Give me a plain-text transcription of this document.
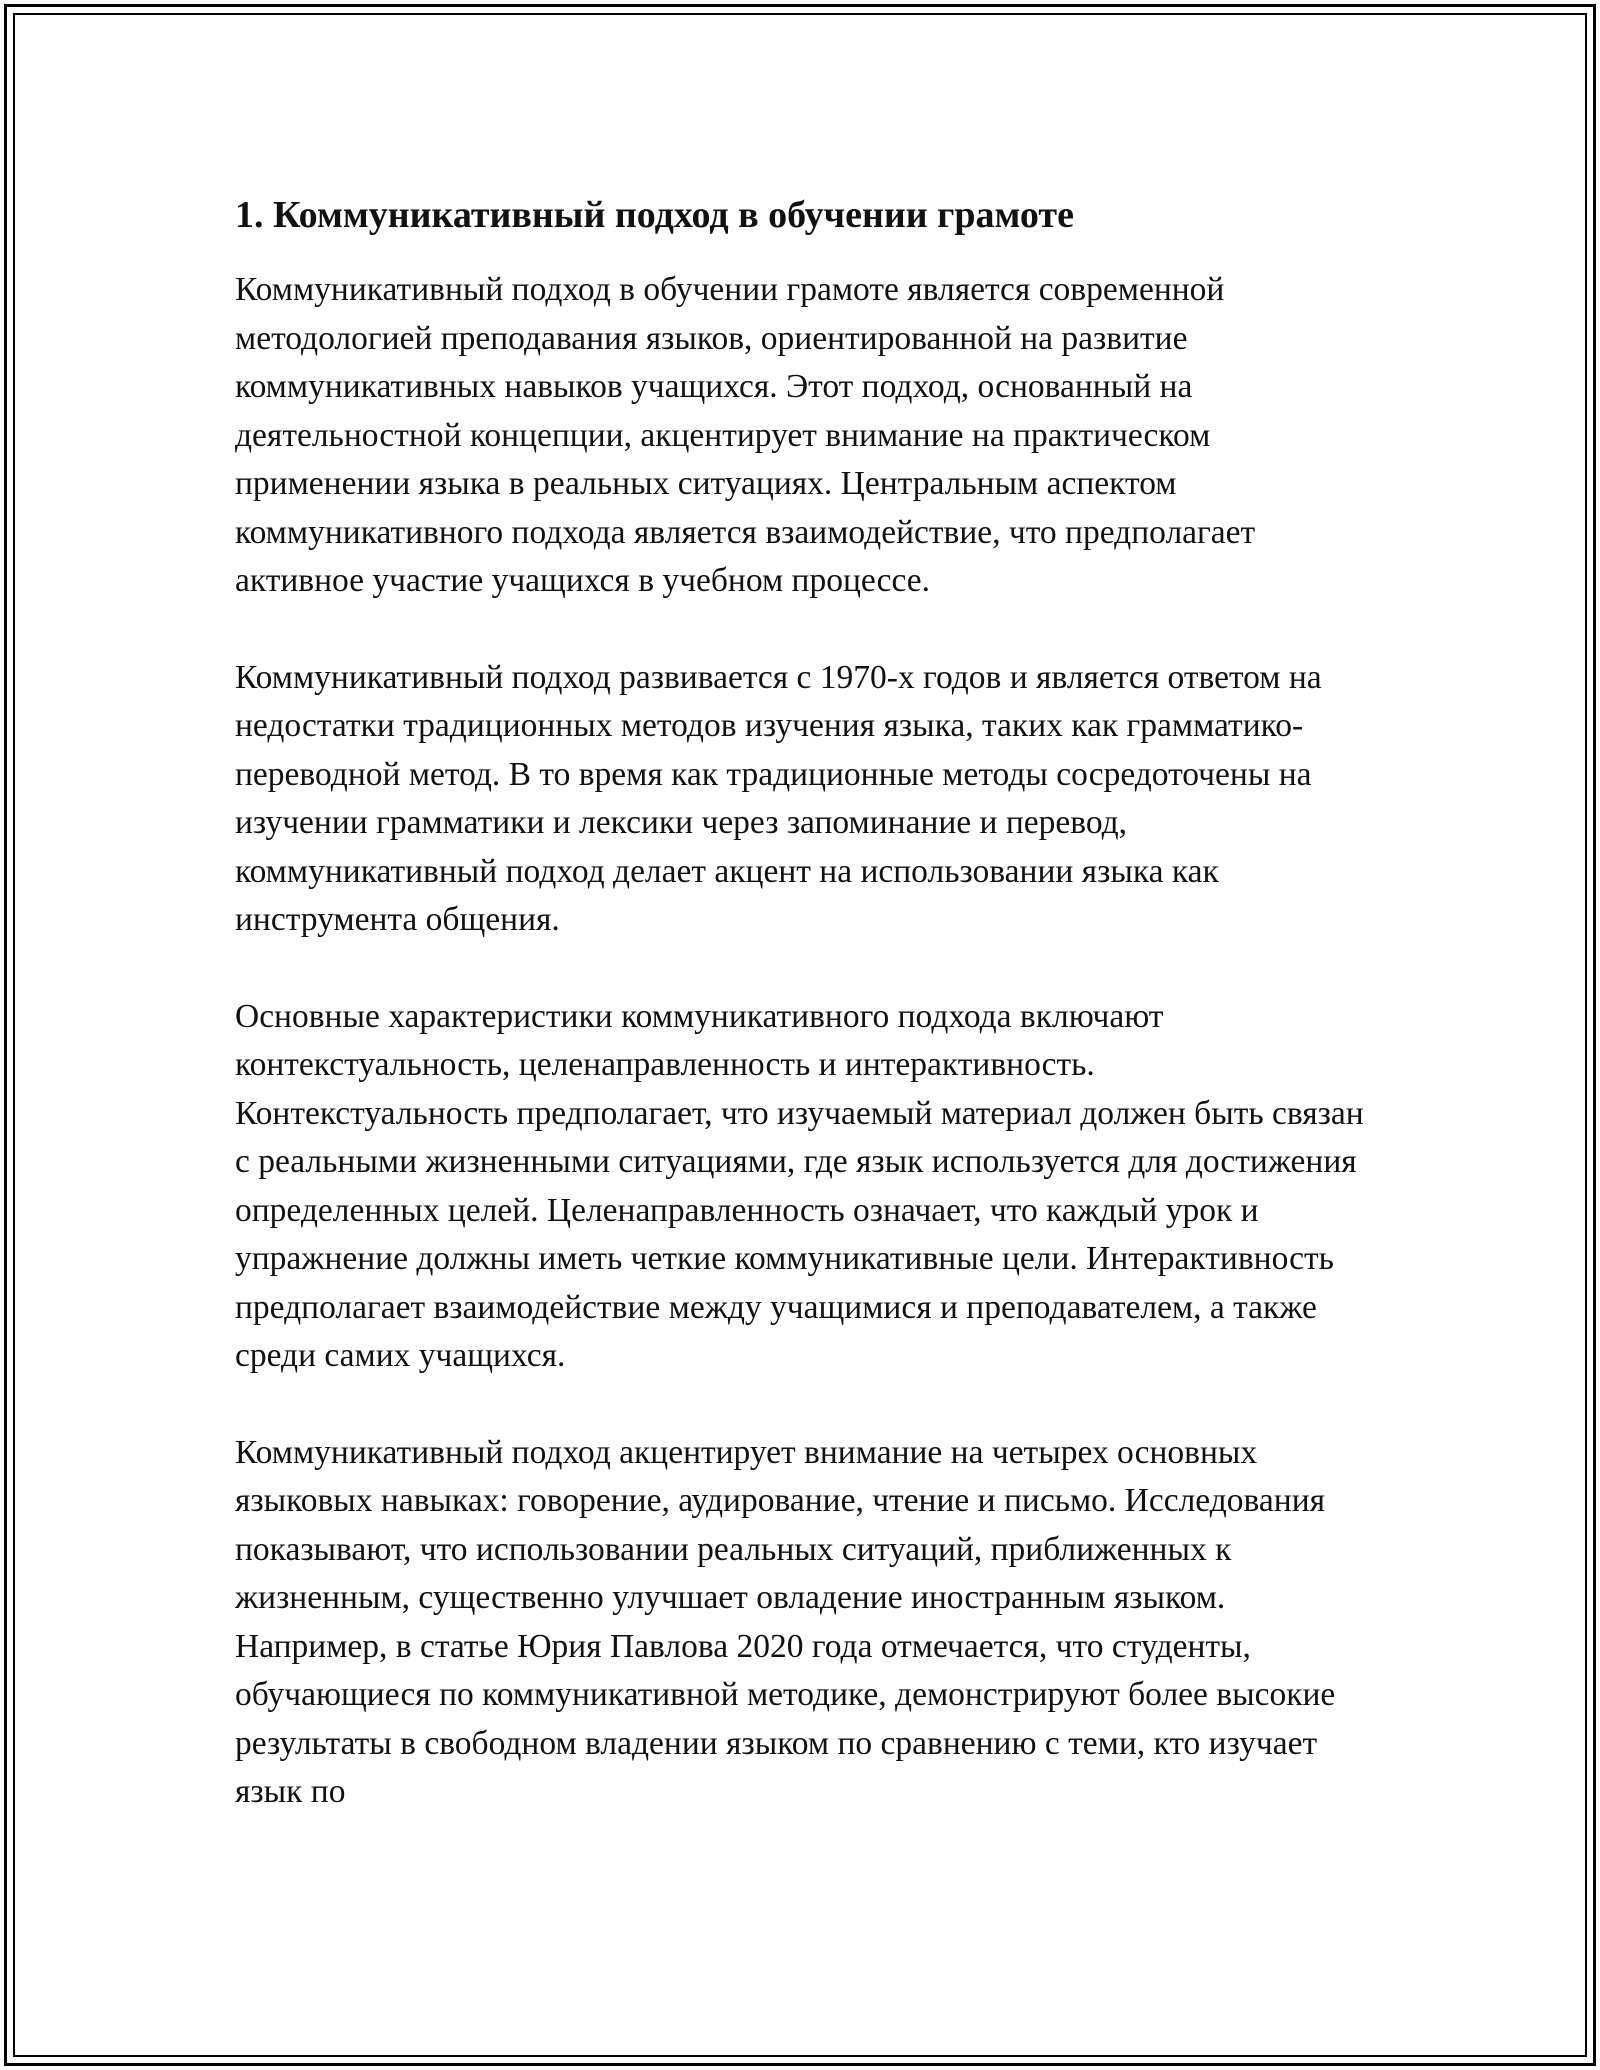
1. Коммуникативный подход в обучении грамоте

Коммуникативный подход в обучении грамоте является современной методологией преподавания языков, ориентированной на развитие коммуникативных навыков учащихся. Этот подход, основанный на деятельностной концепции, акцентирует внимание на практическом применении языка в реальных ситуациях. Центральным аспектом коммуникативного подхода является взаимодействие, что предполагает активное участие учащихся в учебном процессе.

Коммуникативный подход развивается с 1970-х годов и является ответом на недостатки традиционных методов изучения языка, таких как грамматико-переводной метод. В то время как традиционные методы сосредоточены на изучении грамматики и лексики через запоминание и перевод, коммуникативный подход делает акцент на использовании языка как инструмента общения.

Основные характеристики коммуникативного подхода включают контекстуальность, целенаправленность и интерактивность. Контекстуальность предполагает, что изучаемый материал должен быть связан с реальными жизненными ситуациями, где язык используется для достижения определенных целей. Целенаправленность означает, что каждый урок и упражнение должны иметь четкие коммуникативные цели. Интерактивность предполагает взаимодействие между учащимися и преподавателем, а также среди самих учащихся.

Коммуникативный подход акцентирует внимание на четырех основных языковых навыках: говорение, аудирование, чтение и письмо. Исследования показывают, что использовании реальных ситуаций, приближенных к жизненным, существенно улучшает овладение иностранным языком. Например, в статье Юрия Павлова 2020 года отмечается, что студенты, обучающиеся по коммуникативной методике, демонстрируют более высокие результаты в свободном владении языком по сравнению с теми, кто изучает язык по
